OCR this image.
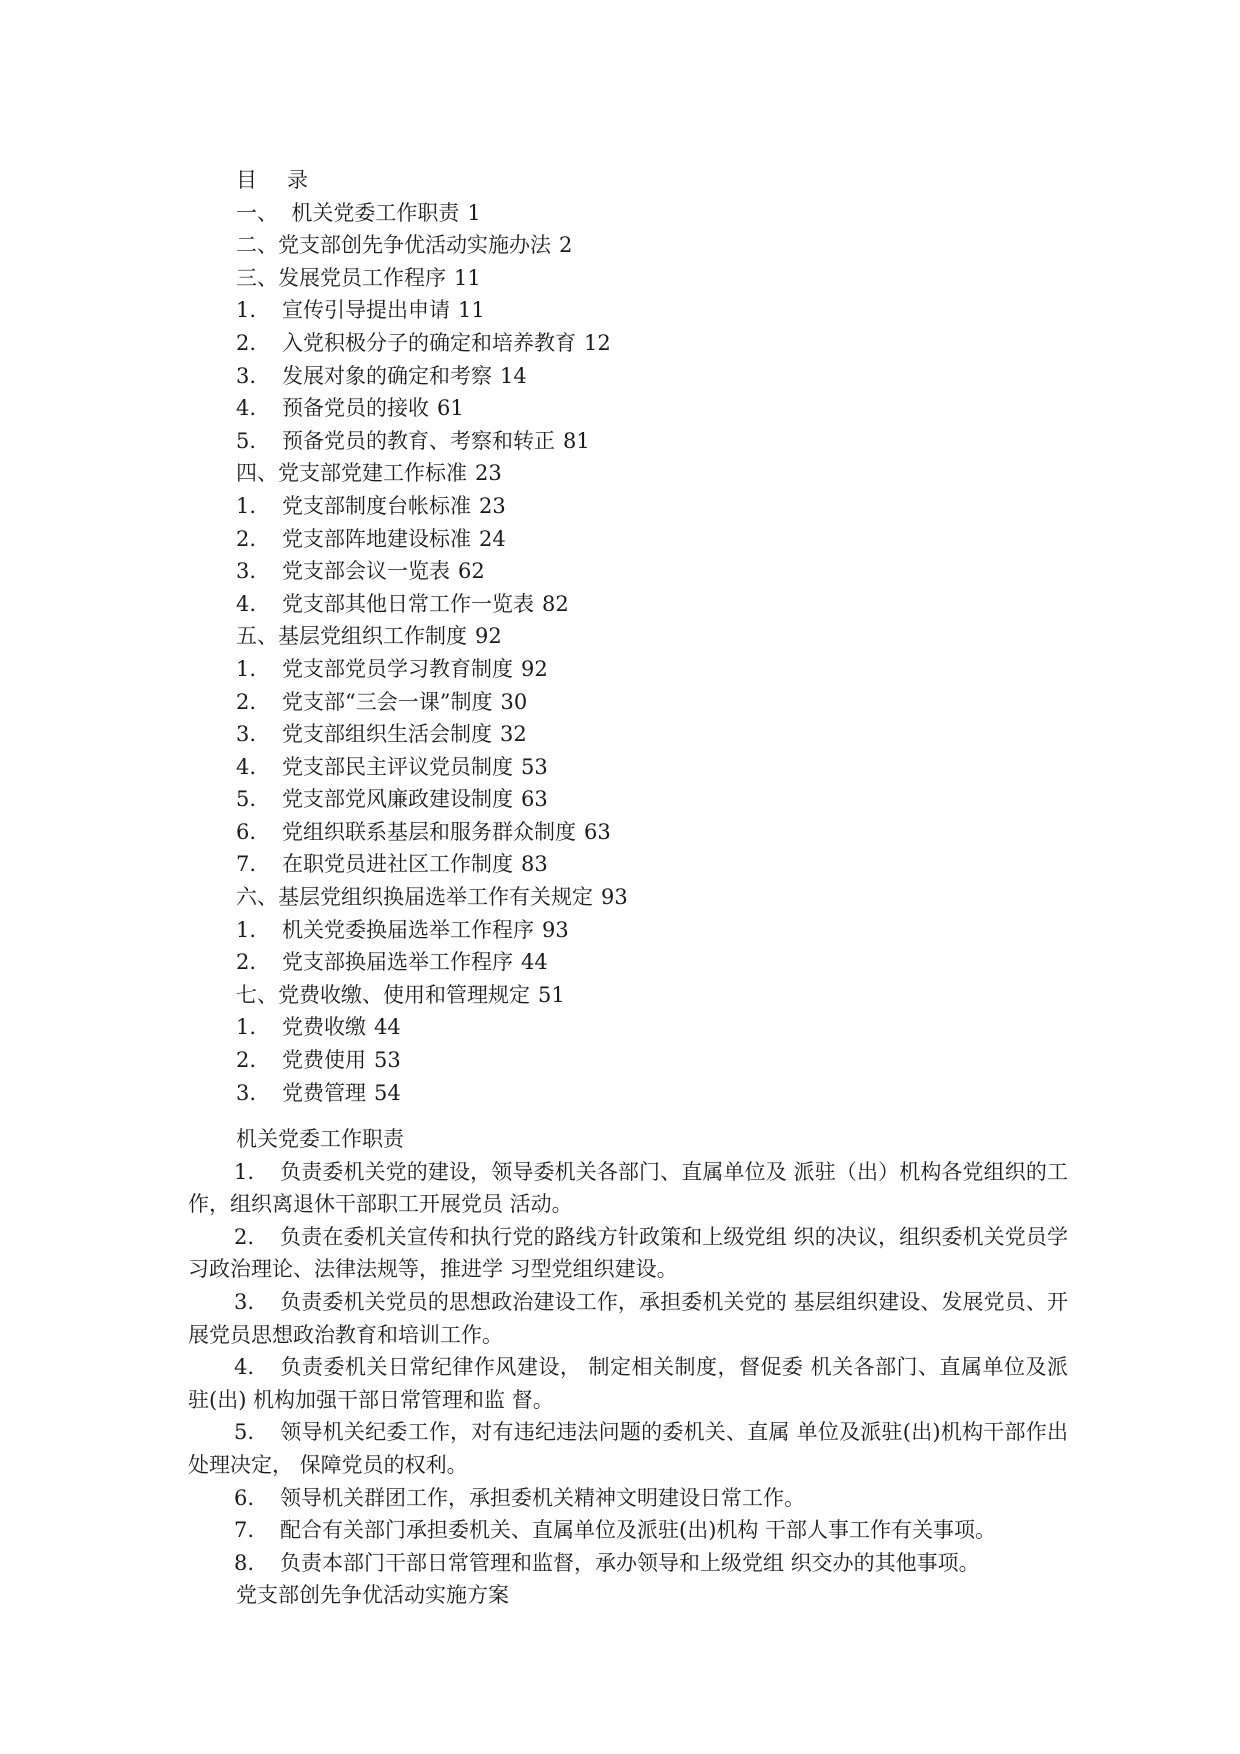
目 录
一、  机关党委工作职责 1
二、党支部创先争优活动实施办法 2
三、发展党员工作程序 11
1. 宣传引导提出申请 11
2. 入党积极分子的确定和培养教育 12
3. 发展对象的确定和考察 14
4. 预备党员的接收 61
5. 预备党员的教育、考察和转正 81
四、党支部党建工作标准 23
1. 党支部制度台帐标准 23
2. 党支部阵地建设标准 24
3. 党支部会议一览表 62
4. 党支部其他日常工作一览表 82
五、基层党组织工作制度 92
1. 党支部党员学习教育制度 92
2. 党支部“三会一课”制度 30
3. 党支部组织生活会制度 32
4. 党支部民主评议党员制度 53
5. 党支部党风廉政建设制度 63
6. 党组织联系基层和服务群众制度 63
7. 在职党员进社区工作制度 83
六、基层党组织换届选举工作有关规定 93
1. 机关党委换届选举工作程序 93
2. 党支部换届选举工作程序 44
七、党费收缴、使用和管理规定 51
1. 党费收缴 44
2. 党费使用 53
3. 党费管理 54
机关党委工作职责

1. 负责委机关党的建设，领导委机关各部门、直属单位及 派驻（出）机构各党组织的工作，组织离退休干部职工开展党员 活动。

2. 负责在委机关宣传和执行党的路线方针政策和上级党组 织的决议，组织委机关党员学习政治理论、法律法规等，推进学 习型党组织建设。

3. 负责委机关党员的思想政治建设工作，承担委机关党的 基层组织建设、发展党员、开展党员思想政治教育和培训工作。

4. 负责委机关日常纪律作风建设， 制定相关制度，督促委 机关各部门、直属单位及派驻(出) 机构加强干部日常管理和监 督。

5. 领导机关纪委工作，对有违纪违法问题的委机关、直属 单位及派驻(出)机构干部作出处理决定， 保障党员的权利。

6. 领导机关群团工作，承担委机关精神文明建设日常工作。

7. 配合有关部门承担委机关、直属单位及派驻(出)机构 干部人事工作有关事项。

8. 负责本部门干部日常管理和监督，承办领导和上级党组 织交办的其他事项。

党支部创先争优活动实施方案
